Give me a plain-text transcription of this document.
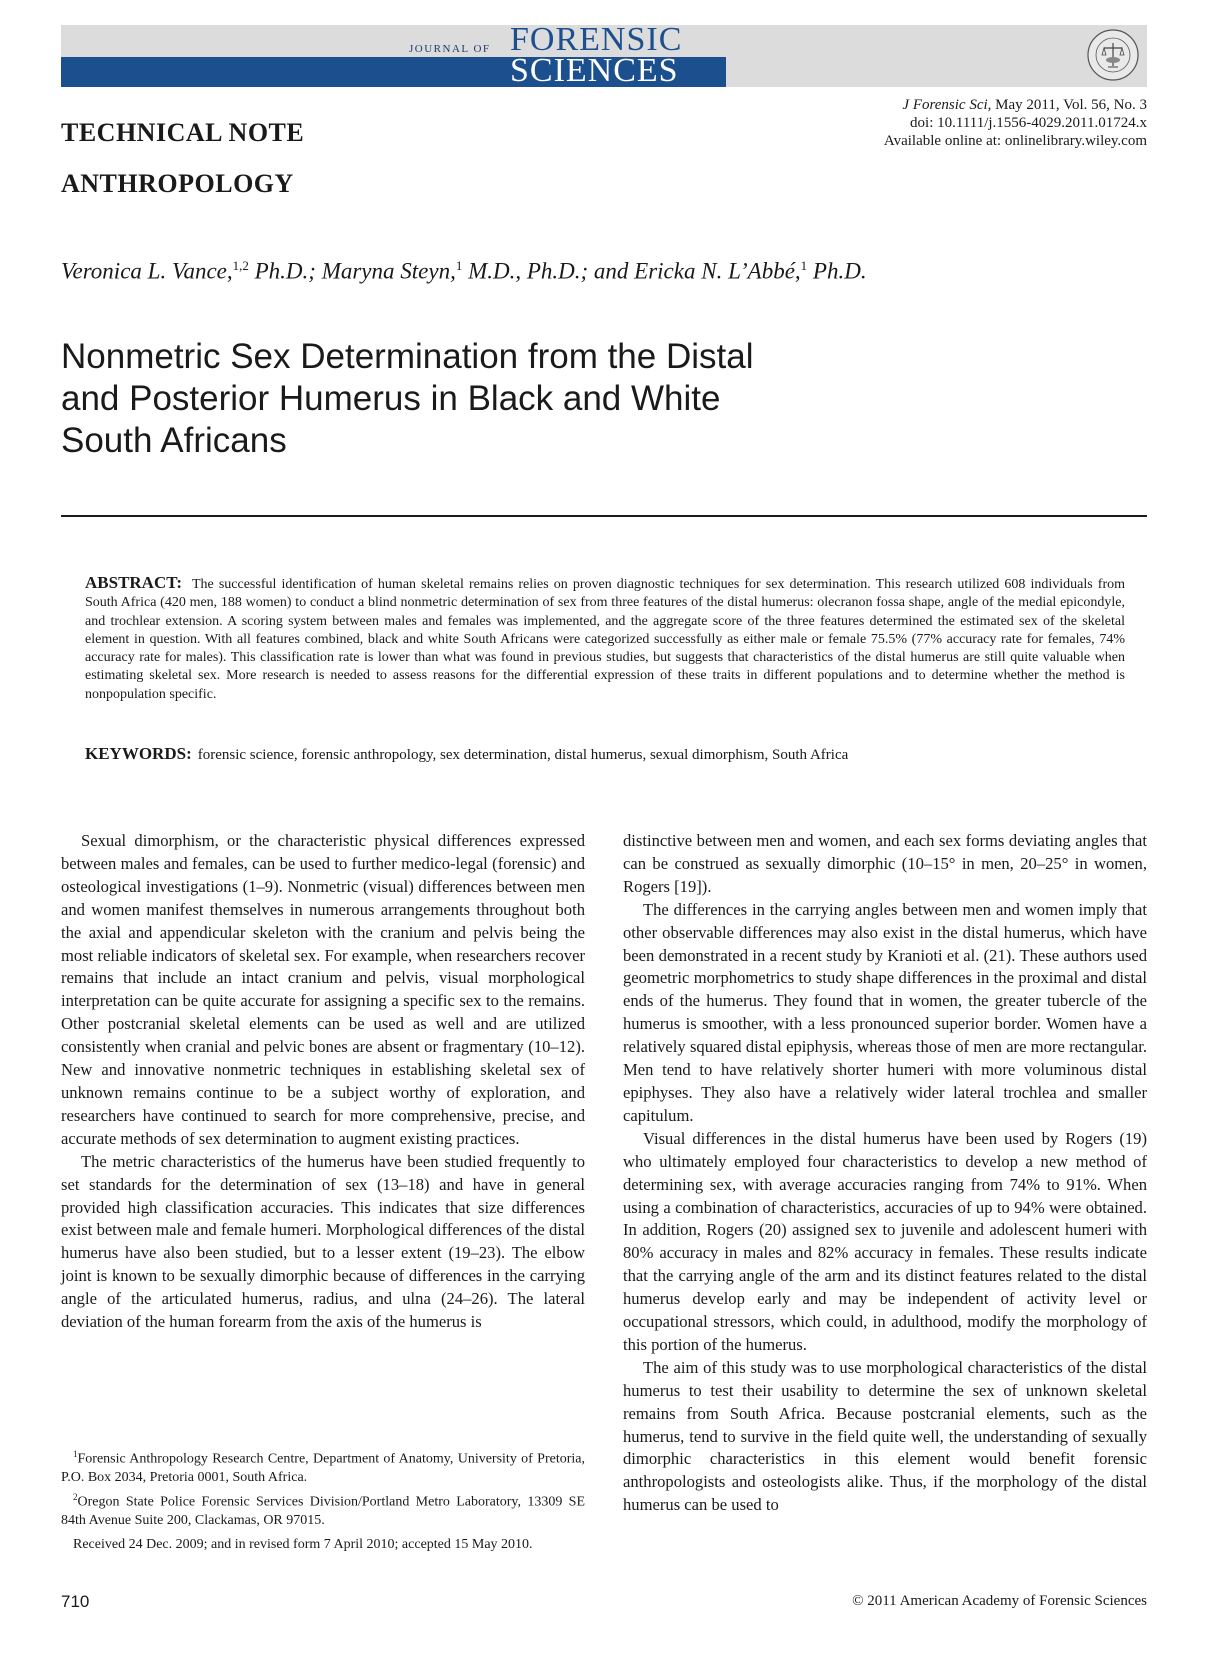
JOURNAL OF FORENSIC
SCIENCES
J Forensic Sci, May 2011, Vol. 56, No. 3
doi: 10.1111/j.1556-4029.2011.01724.x
Available online at: onlinelibrary.wiley.com
TECHNICAL NOTE
ANTHROPOLOGY
Veronica L. Vance,$^{1,2}$ Ph.D.; Maryna Steyn,$^1$ M.D., Ph.D.; and Ericka N. L’Abbé,$^1$ Ph.D.
Nonmetric Sex Determination from the Distal
and Posterior Humerus in Black and White
South Africans
ABSTRACT: The successful identification of human skeletal remains relies on proven diagnostic techniques for sex determination. This research utilized 608 individuals from South Africa (420 men, 188 women) to conduct a blind nonmetric determination of sex from three features of the distal humerus: olecranon fossa shape, angle of the medial epicondyle, and trochlear extension. A scoring system between males and females was implemented, and the aggregate score of the three features determined the estimated sex of the skeletal element in question. With all features combined, black and white South Africans were categorized successfully as either male or female 75.5% (77% accuracy rate for females, 74% accuracy rate for males). This classification rate is lower than what was found in previous studies, but suggests that characteristics of the distal humerus are still quite valuable when estimating skeletal sex. More research is needed to assess reasons for the differential expression of these traits in different populations and to determine whether the method is nonpopulation specific.
KEYWORDS: forensic science, forensic anthropology, sex determination, distal humerus, sexual dimorphism, South Africa

Sexual dimorphism, or the characteristic physical differences expressed between males and females, can be used to further medico-legal (forensic) and osteological investigations (1–9). Nonmetric (visual) differences between men and women manifest themselves in numerous arrangements throughout both the axial and appendicular skeleton with the cranium and pelvis being the most reliable indicators of skeletal sex. For example, when researchers recover remains that include an intact cranium and pelvis, visual morphological interpretation can be quite accurate for assigning a specific sex to the remains. Other postcranial skeletal elements can be used as well and are utilized consistently when cranial and pelvic bones are absent or fragmentary (10–12). New and innovative nonmetric techniques in establishing skeletal sex of unknown remains continue to be a subject worthy of exploration, and researchers have continued to search for more comprehensive, precise, and accurate methods of sex determination to augment existing practices.

The metric characteristics of the humerus have been studied frequently to set standards for the determination of sex (13–18) and have in general provided high classification accuracies. This indicates that size differences exist between male and female humeri. Morphological differences of the distal humerus have also been studied, but to a lesser extent (19–23). The elbow joint is known to be sexually dimorphic because of differences in the carrying angle of the articulated humerus, radius, and ulna (24–26). The lateral deviation of the human forearm from the axis of the humerus is

distinctive between men and women, and each sex forms deviating angles that can be construed as sexually dimorphic (10–15° in men, 20–25° in women, Rogers [19]).

The differences in the carrying angles between men and women imply that other observable differences may also exist in the distal humerus, which have been demonstrated in a recent study by Kranioti et al. (21). These authors used geometric morphometrics to study shape differences in the proximal and distal ends of the humerus. They found that in women, the greater tubercle of the humerus is smoother, with a less pronounced superior border. Women have a relatively squared distal epiphysis, whereas those of men are more rectangular. Men tend to have relatively shorter humeri with more voluminous distal epiphyses. They also have a relatively wider lateral trochlea and smaller capitulum.

Visual differences in the distal humerus have been used by Rogers (19) who ultimately employed four characteristics to develop a new method of determining sex, with average accuracies ranging from 74% to 91%. When using a combination of characteristics, accuracies of up to 94% were obtained. In addition, Rogers (20) assigned sex to juvenile and adolescent humeri with 80% accuracy in males and 82% accuracy in females. These results indicate that the carrying angle of the arm and its distinct features related to the distal humerus develop early and may be independent of activity level or occupational stressors, which could, in adulthood, modify the morphology of this portion of the humerus.

The aim of this study was to use morphological characteristics of the distal humerus to test their usability to determine the sex of unknown skeletal remains from South Africa. Because postcranial elements, such as the humerus, tend to survive in the field quite well, the understanding of sexually dimorphic characteristics in this element would benefit forensic anthropologists and osteologists alike. Thus, if the morphology of the distal humerus can be used to

$^1$Forensic Anthropology Research Centre, Department of Anatomy, University of Pretoria, P.O. Box 2034, Pretoria 0001, South Africa.

$^2$Oregon State Police Forensic Services Division/Portland Metro Laboratory, 13309 SE 84th Avenue Suite 200, Clackamas, OR 97015.

Received 24 Dec. 2009; and in revised form 7 April 2010; accepted 15 May 2010.

710	© 2011 American Academy of Forensic Sciences
